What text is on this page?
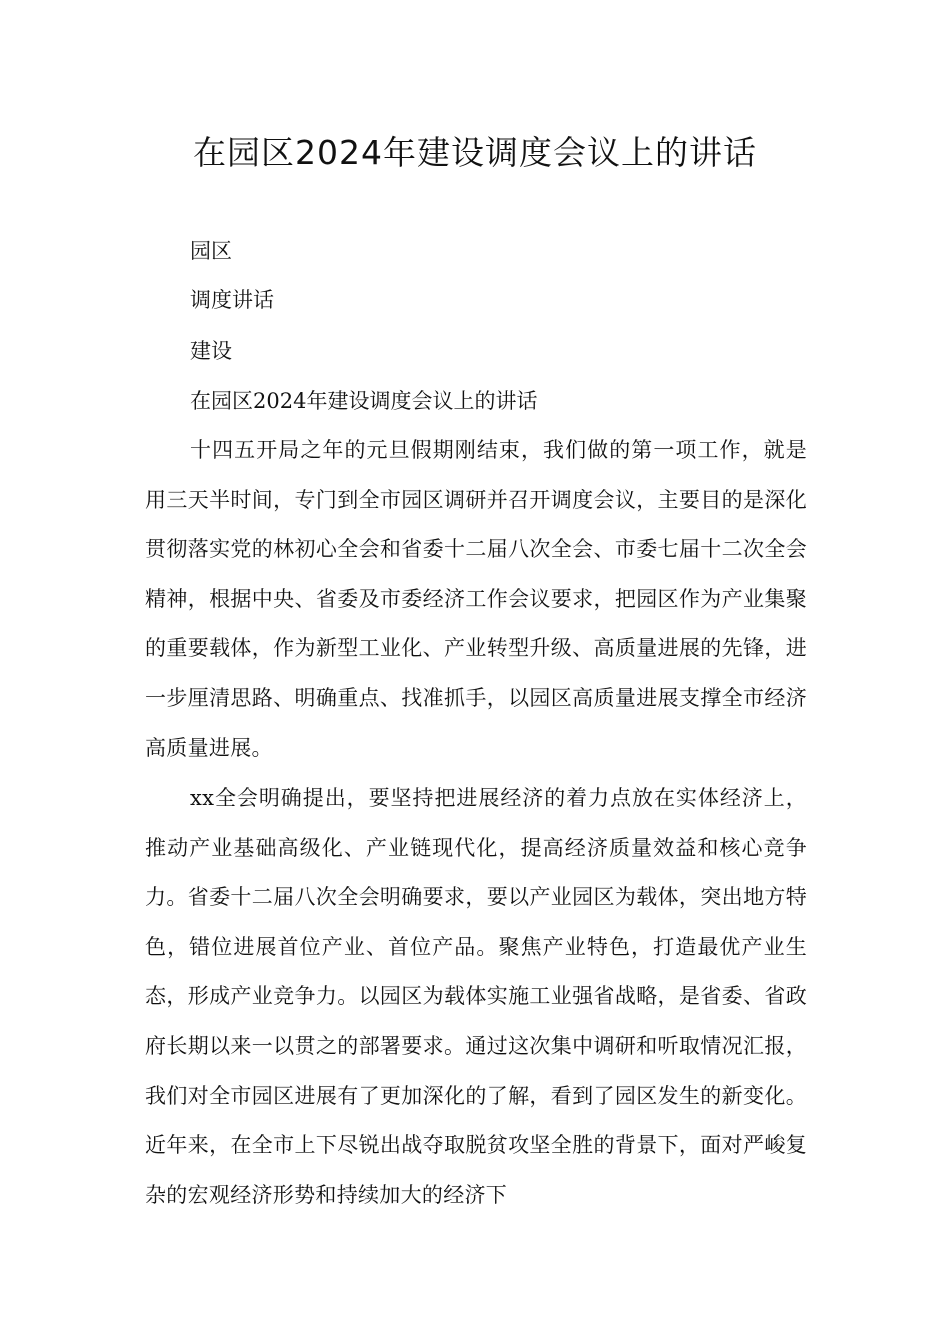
在园区2024年建设调度会议上的讲话

园区

调度讲话

建设

在园区2024年建设调度会议上的讲话

十四五开局之年的元旦假期刚结束，我们做的第一项工作，就是用三天半时间，专门到全市园区调研并召开调度会议，主要目的是深化贯彻落实党的林初心全会和省委十二届八次全会、市委七届十二次全会精神，根据中央、省委及市委经济工作会议要求，把园区作为产业集聚的重要载体，作为新型工业化、产业转型升级、高质量进展的先锋，进一步厘清思路、明确重点、找准抓手，以园区高质量进展支撑全市经济高质量进展。

xx全会明确提出，要坚持把进展经济的着力点放在实体经济上，推动产业基础高级化、产业链现代化，提高经济质量效益和核心竞争力。省委十二届八次全会明确要求，要以产业园区为载体，突出地方特色，错位进展首位产业、首位产品。聚焦产业特色，打造最优产业生态，形成产业竞争力。以园区为载体实施工业强省战略，是省委、省政府长期以来一以贯之的部署要求。通过这次集中调研和听取情况汇报，我们对全市园区进展有了更加深化的了解，看到了园区发生的新变化。近年来，在全市上下尽锐出战夺取脱贫攻坚全胜的背景下，面对严峻复杂的宏观经济形势和持续加大的经济下
